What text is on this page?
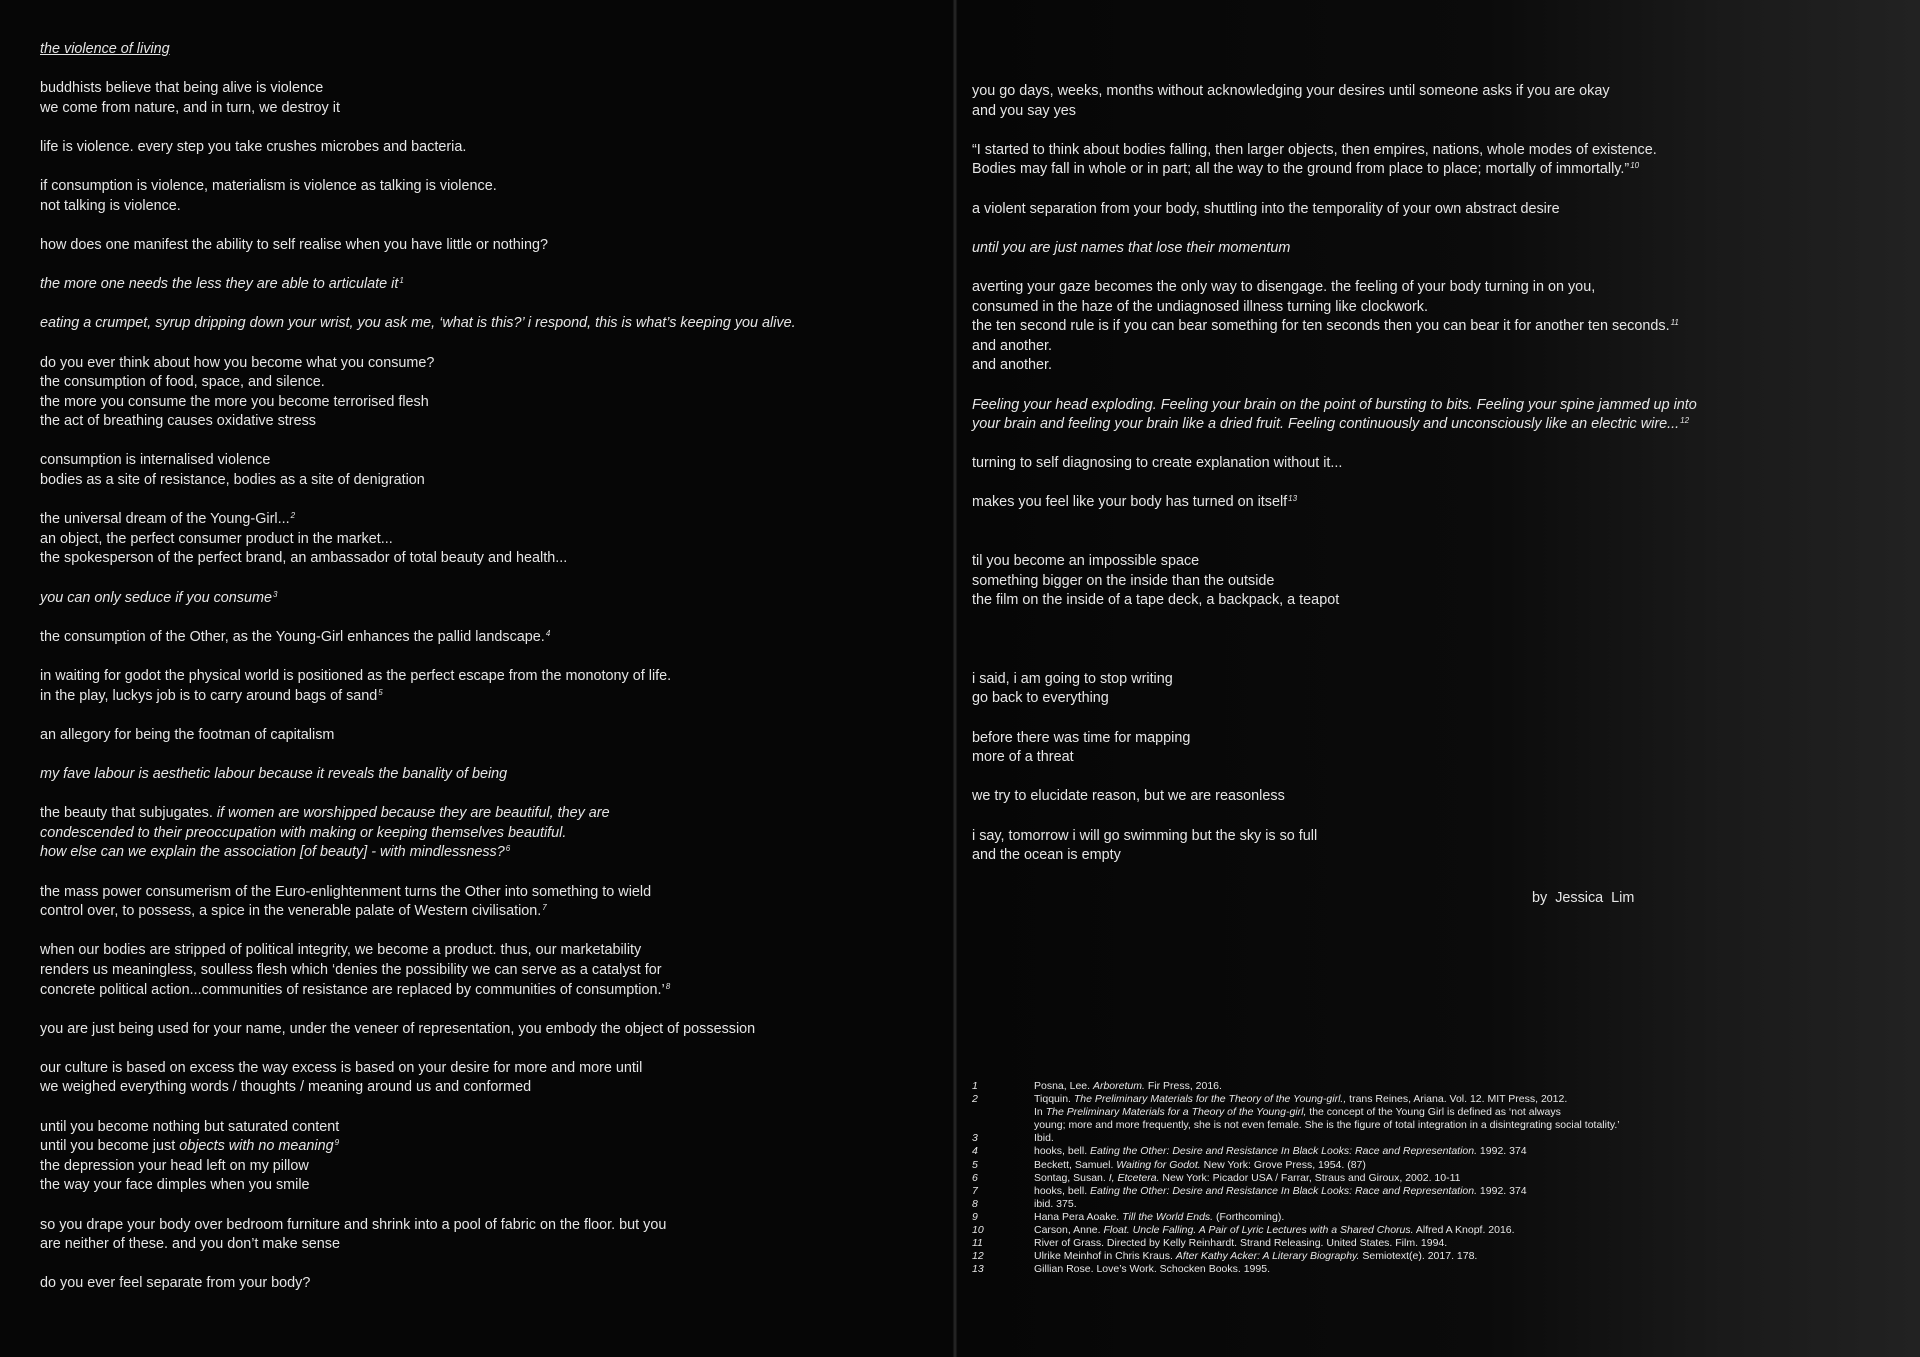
the violence of living

buddhists believe that being alive is violence
we come from nature, and in turn, we destroy it

life is violence. every step you take crushes microbes and bacteria.

if consumption is violence, materialism is violence as talking is violence.
not talking is violence.

how does one manifest the ability to self realise when you have little or nothing?

the more one needs the less they are able to articulate $it^1$

eating a crumpet, syrup dripping down your wrist, you ask me, ‘what is this?’ i respond, this is what’s keeping you alive.

do you ever think about how you become what you consume?
the consumption of food, space, and silence.
the more you consume the more you become terrorised flesh
the act of breathing causes oxidative stress

consumption is internalised violence
bodies as a site of resistance, bodies as a site of denigration

the universal dream of the Young-Girl...$^2$
an object, the perfect consumer product in the market...
the spokesperson of the perfect brand, an ambassador of total beauty and health...

you can only seduce if you consume$^3$

the consumption of the Other, as the Young-Girl enhances the pallid landscape.$^4$

in waiting for godot the physical world is positioned as the perfect escape from the monotony of life.
in the play, luckys job is to carry around bags of sand$^5$

an allegory for being the footman of capitalism

my fave labour is aesthetic labour because it reveals the banality of being

the beauty that subjugates. if women are worshipped because they are beautiful, they are
condescended to their preoccupation with making or keeping themselves beautiful.
how else can we explain the association [of beauty] - with mindlessness?$^6$

the mass power consumerism of the Euro-enlightenment turns the Other into something to wield
control over, to possess, a spice in the venerable palate of Western civilisation.$^7$

when our bodies are stripped of political integrity, we become a product. thus, our marketability
renders us meaningless, soulless flesh which ‘denies the possibility we can serve as a catalyst for
concrete political action...communities of resistance are replaced by communities of consumption.’$^8$

you are just being used for your name, under the veneer of representation, you embody the object of possession

our culture is based on excess the way excess is based on your desire for more and more until
we weighed everything words / thoughts / meaning around us and conformed

until you become nothing but saturated content
until you become just objects with no meaning$^9$
the depression your head left on my pillow
the way your face dimples when you smile

so you drape your body over bedroom furniture and shrink into a pool of fabric on the floor. but you
are neither of these. and you don’t make sense

do you ever feel separate from your body?

you go days, weeks, months without acknowledging your desires until someone asks if you are okay
and you say yes

“I started to think about bodies falling, then larger objects, then empires, nations, whole modes of existence.
Bodies may fall in whole or in part; all the way to the ground from place to place; mortally of immortally.”$^{10}$

a violent separation from your body, shuttling into the temporality of your own abstract desire

until you are just names that lose their momentum

averting your gaze becomes the only way to disengage. the feeling of your body turning in on you,
consumed in the haze of the undiagnosed illness turning like clockwork.
the ten second rule is if you can bear something for ten seconds then you can bear it for another ten seconds.$^{11}$
and another.
and another.

Feeling your head exploding. Feeling your brain on the point of bursting to bits. Feeling your spine jammed up into
your brain and feeling your brain like a dried fruit. Feeling continuously and unconsciously like an electric wire...$^{12}$

turning to self diagnosing to create explanation without it...

makes you feel like your body has turned on itself$^{13}$

til you become an impossible space
something bigger on the inside than the outside
the film on the inside of a tape deck, a backpack, a teapot

i said, i am going to stop writing
go back to everything

before there was time for mapping
more of a threat

we try to elucidate reason, but we are reasonless

i say, tomorrow i will go swimming but the sky is so full
and the ocean is empty

by Jessica Lim
1	Posna, Lee. Arboretum. Fir Press, 2016.
2	Tiqquin. The Preliminary Materials for the Theory of the Young-girl., trans Reines, Ariana. Vol. 12. MIT Press, 2012.
In The Preliminary Materials for a Theory of the Young-girl, the concept of the Young Girl is defined as ‘not always
young; more and more frequently, she is not even female. She is the figure of total integration in a disintegrating social totality.’
3	Ibid.
4	hooks, bell. Eating the Other: Desire and Resistance In Black Looks: Race and Representation. 1992. 374
5	Beckett, Samuel. Waiting for Godot. New York: Grove Press, 1954. (87)
6	Sontag, Susan. I, Etcetera. New York: Picador USA / Farrar, Straus and Giroux, 2002. 10-11
7	hooks, bell. Eating the Other: Desire and Resistance In Black Looks: Race and Representation. 1992. 374
8	ibid. 375.
9	Hana Pera Aoake. Till the World Ends. (Forthcoming).
10	Carson, Anne. Float. Uncle Falling. A Pair of Lyric Lectures with a Shared Chorus. Alfred A Knopf. 2016.
11	River of Grass. Directed by Kelly Reinhardt. Strand Releasing. United States. Film. 1994.
12	Ulrike Meinhof in Chris Kraus. After Kathy Acker: A Literary Biography. Semiotext(e). 2017. 178.
13	Gillian Rose. Love’s Work. Schocken Books. 1995.
